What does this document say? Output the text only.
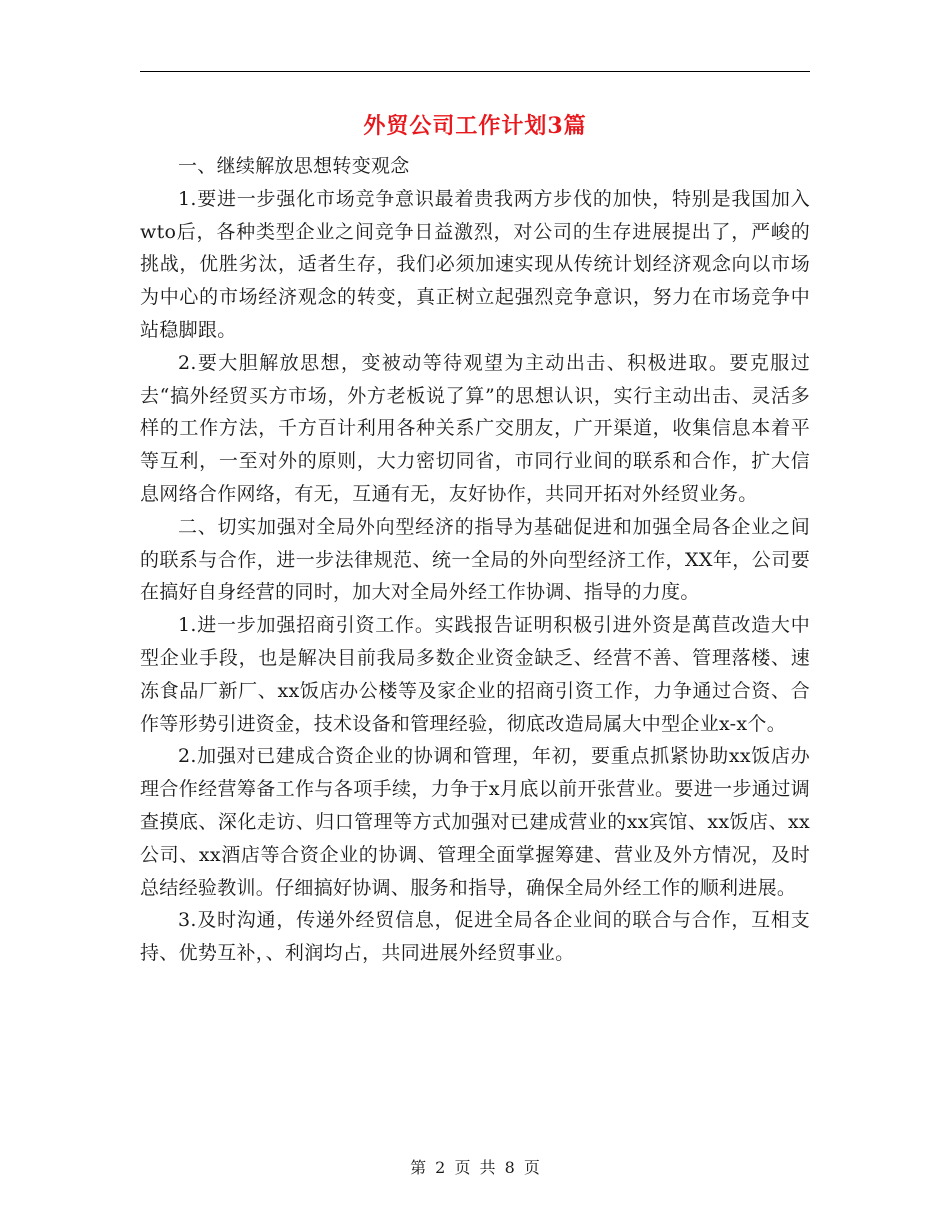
外贸公司工作计划3篇

一、继续解放思想转变观念

1.要进一步强化市场竞争意识最着贵我两方步伐的加快，特别是我国加入wto后，各种类型企业之间竞争日益激烈，对公司的生存进展提出了，严峻的挑战，优胜劣汰，适者生存，我们必须加速实现从传统计划经济观念向以市场为中心的市场经济观念的转变，真正树立起强烈竞争意识，努力在市场竞争中站稳脚跟。

2.要大胆解放思想，变被动等待观望为主动出击、积极进取。要克服过去“搞外经贸买方市场，外方老板说了算”的思想认识，实行主动出击、灵活多样的工作方法，千方百计利用各种关系广交朋友，广开渠道，收集信息本着平等互利，一至对外的原则，大力密切同省，市同行业间的联系和合作，扩大信息网络合作网络，有无，互通有无，友好协作，共同开拓对外经贸业务。

二、切实加强对全局外向型经济的指导为基础促进和加强全局各企业之间的联系与合作，进一步法律规范、统一全局的外向型经济工作，XX年，公司要在搞好自身经营的同时，加大对全局外经工作协调、指导的力度。

1.进一步加强招商引资工作。实践报告证明积极引进外资是萬苣改造大中型企业手段，也是解决目前我局多数企业资金缺乏、经营不善、管理落楼、速冻食品厂新厂、xx饭店办公楼等及家企业的招商引资工作，力争通过合资、合作等形势引进资金，技术设备和管理经验，彻底改造局属大中型企业x-x个。

2.加强对已建成合资企业的协调和管理，年初，要重点抓紧协助xx饭店办理合作经营筹备工作与各项手续，力争于x月底以前开张营业。要进一步通过调查摸底、深化走访、归口管理等方式加强对已建成营业的xx宾馆、xx饭店、xx公司、xx酒店等合资企业的协调、管理全面掌握筹建、营业及外方情况，及时总结经验教训。仔细搞好协调、服务和指导，确保全局外经工作的顺利进展。

3.及时沟通，传递外经贸信息，促进全局各企业间的联合与合作，互相支持、优势互补，、利润均占，共同进展外经贸事业。

第 2 页 共 8 页
